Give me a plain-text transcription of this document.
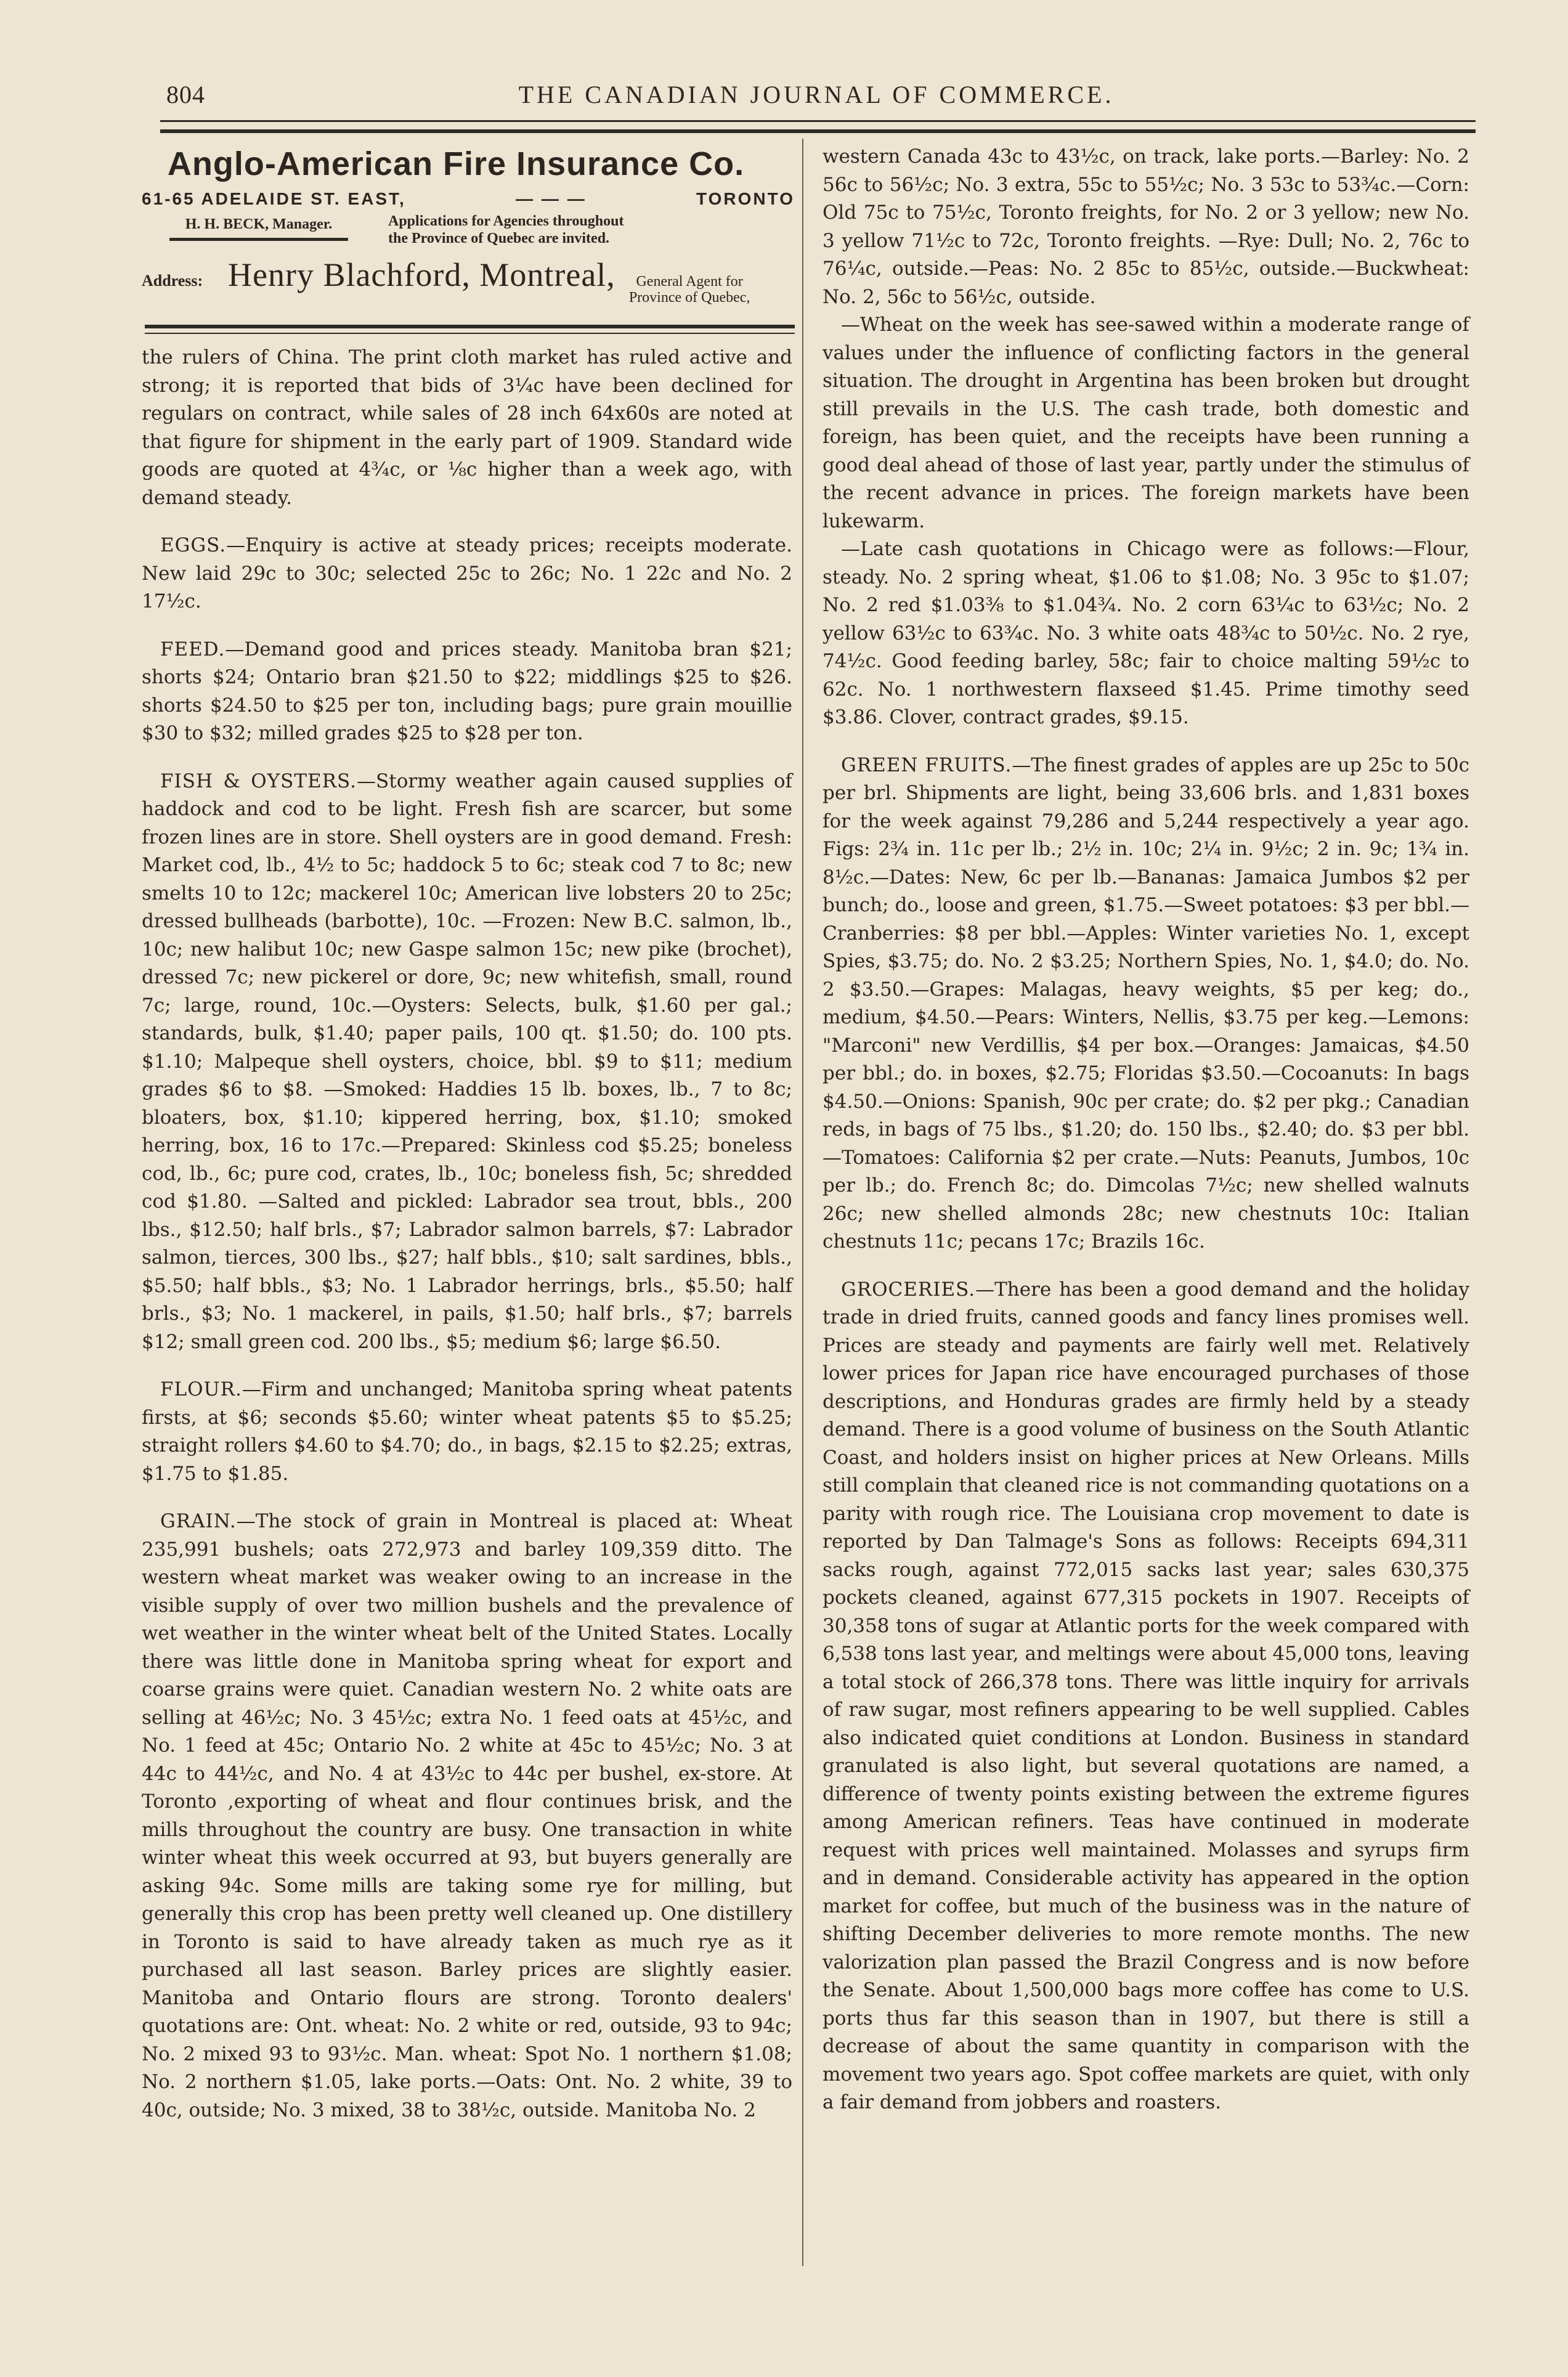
804	THE CANADIAN JOURNAL OF COMMERCE.
Anglo-American Fire Insurance Co.
61-65 ADELAIDE ST. EAST,	— — —	TORONTO
H. H. BECK, Manager.	Applications for Agencies throughout
the Province of Quebec are invited.
Address: Henry Blachford, Montreal,	General Agent for
Province of Quebec,

the rulers of China. The print cloth market has ruled active and strong; it is reported that bids of 3¼c have been declined for regulars on contract, while sales of 28 inch 64x60s are noted at that figure for shipment in the early part of 1909. Standard wide goods are quoted at 4¾c, or ⅛c higher than a week ago, with demand steady.

EGGS.—Enquiry is active at steady prices; receipts moderate. New laid 29c to 30c; selected 25c to 26c; No. 1 22c and No. 2 17½c.

FEED.—Demand good and prices steady. Manitoba bran $21; shorts $24; Ontario bran $21.50 to $22; middlings $25 to $26. shorts $24.50 to $25 per ton, including bags; pure grain mouillie $30 to $32; milled grades $25 to $28 per ton.

FISH & OYSTERS.—Stormy weather again caused supplies of haddock and cod to be light. Fresh fish are scarcer, but some frozen lines are in store. Shell oysters are in good demand. Fresh: Market cod, lb., 4½ to 5c; haddock 5 to 6c; steak cod 7 to 8c; new smelts 10 to 12c; mackerel 10c; American live lobsters 20 to 25c; dressed bullheads (barbotte), 10c. —Frozen: New B.C. salmon, lb., 10c; new halibut 10c; new Gaspe salmon 15c; new pike (brochet), dressed 7c; new pickerel or dore, 9c; new whitefish, small, round 7c; large, round, 10c.—Oysters: Selects, bulk, $1.60 per gal.; standards, bulk, $1.40; paper pails, 100 qt. $1.50; do. 100 pts. $1.10; Malpeque shell oysters, choice, bbl. $9 to $11; medium grades $6 to $8. —Smoked: Haddies 15 lb. boxes, lb., 7 to 8c; bloaters, box, $1.10; kippered herring, box, $1.10; smoked herring, box, 16 to 17c.—Prepared: Skinless cod $5.25; boneless cod, lb., 6c; pure cod, crates, lb., 10c; boneless fish, 5c; shredded cod $1.80. —Salted and pickled: Labrador sea trout, bbls., 200 lbs., $12.50; half brls., $7; Labrador salmon barrels, $7: Labrador salmon, tierces, 300 lbs., $27; half bbls., $10; salt sardines, bbls., $5.50; half bbls., $3; No. 1 Labrador herrings, brls., $5.50; half brls., $3; No. 1 mackerel, in pails, $1.50; half brls., $7; barrels $12; small green cod. 200 lbs., $5; medium $6; large $6.50.

FLOUR.—Firm and unchanged; Manitoba spring wheat patents firsts, at $6; seconds $5.60; winter wheat patents $5 to $5.25; straight rollers $4.60 to $4.70; do., in bags, $2.15 to $2.25; extras, $1.75 to $1.85.

GRAIN.—The stock of grain in Montreal is placed at: Wheat 235,991 bushels; oats 272,973 and barley 109,359 ditto. The western wheat market was weaker owing to an increase in the visible supply of over two million bushels and the prevalence of wet weather in the winter wheat belt of the United States. Locally there was little done in Manitoba spring wheat for export and coarse grains were quiet. Canadian western No. 2 white oats are selling at 46½c; No. 3 45½c; extra No. 1 feed oats at 45½c, and No. 1 feed at 45c; Ontario No. 2 white at 45c to 45½c; No. 3 at 44c to 44½c, and No. 4 at 43½c to 44c per bushel, ex-store. At Toronto ,exporting of wheat and flour continues brisk, and the mills throughout the country are busy. One transaction in white winter wheat this week occurred at 93, but buyers generally are asking 94c. Some mills are taking some rye for milling, but generally this crop has been pretty well cleaned up. One distillery in Toronto is said to have already taken as much rye as it purchased all last season. Barley prices are slightly easier. Manitoba and Ontario flours are strong. Toronto dealers' quotations are: Ont. wheat: No. 2 white or red, outside, 93 to 94c; No. 2 mixed 93 to 93½c. Man. wheat: Spot No. 1 northern $1.08; No. 2 northern $1.05, lake ports.—Oats: Ont. No. 2 white, 39 to 40c, outside; No. 3 mixed, 38 to 38½c, outside. Manitoba No. 2

western Canada 43c to 43½c, on track, lake ports.—Barley: No. 2 56c to 56½c; No. 3 extra, 55c to 55½c; No. 3 53c to 53¾c.—Corn: Old 75c to 75½c, Toronto freights, for No. 2 or 3 yellow; new No. 3 yellow 71½c to 72c, Toronto freights. —Rye: Dull; No. 2, 76c to 76¼c, outside.—Peas: No. 2 85c to 85½c, outside.—Buckwheat: No. 2, 56c to 56½c, outside.

—Wheat on the week has see-sawed within a moderate range of values under the influence of conflicting factors in the general situation. The drought in Argentina has been broken but drought still prevails in the U.S. The cash trade, both domestic and foreign, has been quiet, and the receipts have been running a good deal ahead of those of last year, partly under the stimulus of the recent advance in prices. The foreign markets have been lukewarm.

—Late cash quotations in Chicago were as follows:—Flour, steady. No. 2 spring wheat, $1.06 to $1.08; No. 3 95c to $1.07; No. 2 red $1.03⅜ to $1.04¾. No. 2 corn 63¼c to 63½c; No. 2 yellow 63½c to 63¾c. No. 3 white oats 48¾c to 50½c. No. 2 rye, 74½c. Good feeding barley, 58c; fair to choice malting 59½c to 62c. No. 1 northwestern flaxseed $1.45. Prime timothy seed $3.86. Clover, contract grades, $9.15.

GREEN FRUITS.—The finest grades of apples are up 25c to 50c per brl. Shipments are light, being 33,606 brls. and 1,831 boxes for the week against 79,286 and 5,244 respectively a year ago. Figs: 2¾ in. 11c per lb.; 2½ in. 10c; 2¼ in. 9½c; 2 in. 9c; 1¾ in. 8½c.—Dates: New, 6c per lb.—Bananas: Jamaica Jumbos $2 per bunch; do., loose and green, $1.75.—Sweet potatoes: $3 per bbl.—Cranberries: $8 per bbl.—Apples: Winter varieties No. 1, except Spies, $3.75; do. No. 2 $3.25; Northern Spies, No. 1, $4.0; do. No. 2 $3.50.—Grapes: Malagas, heavy weights, $5 per keg; do., medium, $4.50.—Pears: Winters, Nellis, $3.75 per keg.—Lemons: "Marconi" new Verdillis, $4 per box.—Oranges: Jamaicas, $4.50 per bbl.; do. in boxes, $2.75; Floridas $3.50.—Cocoanuts: In bags $4.50.—Onions: Spanish, 90c per crate; do. $2 per pkg.; Canadian reds, in bags of 75 lbs., $1.20; do. 150 lbs., $2.40; do. $3 per bbl.—Tomatoes: California $2 per crate.—Nuts: Peanuts, Jumbos, 10c per lb.; do. French 8c; do. Dimcolas 7½c; new shelled walnuts 26c; new shelled almonds 28c; new chestnuts 10c: Italian chestnuts 11c; pecans 17c; Brazils 16c.

GROCERIES.—There has been a good demand and the holiday trade in dried fruits, canned goods and fancy lines promises well. Prices are steady and payments are fairly well met. Relatively lower prices for Japan rice have encouraged purchases of those descriptions, and Honduras grades are firmly held by a steady demand. There is a good volume of business on the South Atlantic Coast, and holders insist on higher prices at New Orleans. Mills still complain that cleaned rice is not commanding quotations on a parity with rough rice. The Louisiana crop movement to date is reported by Dan Talmage's Sons as follows: Receipts 694,311 sacks rough, against 772,015 sacks last year; sales 630,375 pockets cleaned, against 677,315 pockets in 1907. Receipts of 30,358 tons of sugar at Atlantic ports for the week compared with 6,538 tons last year, and meltings were about 45,000 tons, leaving a total stock of 266,378 tons. There was little inquiry for arrivals of raw sugar, most refiners appearing to be well supplied. Cables also indicated quiet conditions at London. Business in standard granulated is also light, but several quotations are named, a difference of twenty points existing between the extreme figures among American refiners. Teas have continued in moderate request with prices well maintained. Molasses and syrups firm and in demand. Considerable activity has appeared in the option market for coffee, but much of the business was in the nature of shifting December deliveries to more remote months. The new valorization plan passed the Brazil Congress and is now before the Senate. About 1,500,000 bags more coffee has come to U.S. ports thus far this season than in 1907, but there is still a decrease of about the same quantity in comparison with the movement two years ago. Spot coffee markets are quiet, with only a fair demand from jobbers and roasters.
